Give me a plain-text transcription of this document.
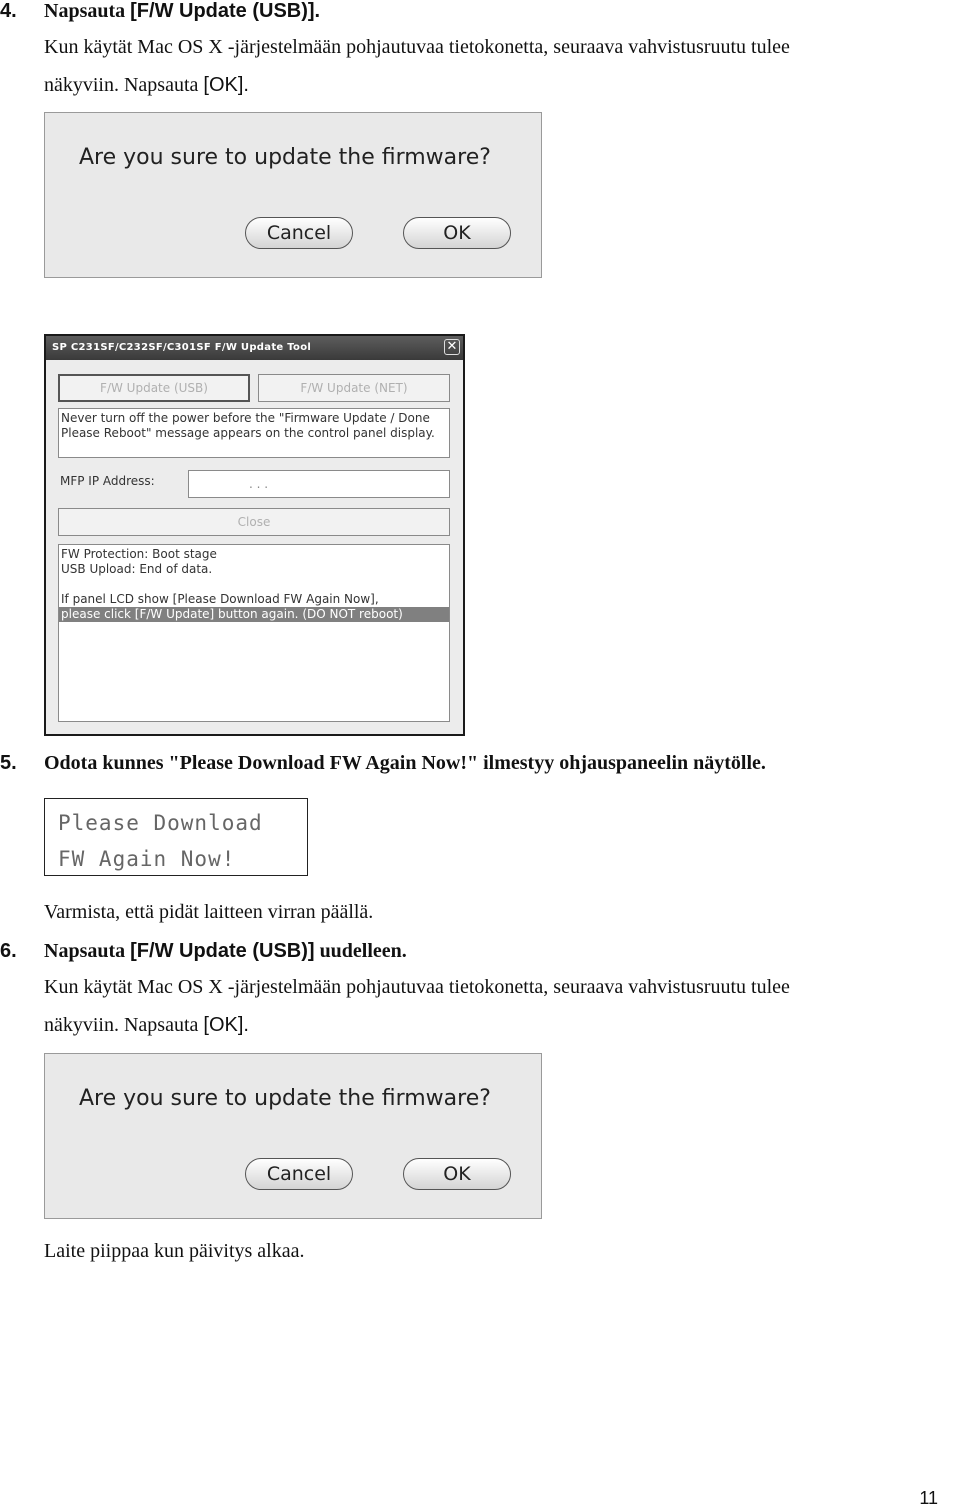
4. Napsauta [F/W Update (USB)].
Kun käytät Mac OS X -järjestelmään pohjautuvaa tietokonetta, seuraava vahvistusruutu tulee
näkyviin. Napsauta [OK].
Are you sure to update the firmware?
Cancel	OK
SP C231SF/C232SF/C301SF F/W Update Tool	✕
F/W Update (USB)	F/W Update (NET)
Never turn off the power before the "Firmware Update / Done
Please Reboot" message appears on the control panel display.
MFP IP Address:	. . .
Close
FW Protection: Boot stage
USB Upload: End of data.
If panel LCD show [Please Download FW Again Now],
please click [F/W Update] button again. (DO NOT reboot)
5. Odota kunnes "Please Download FW Again Now!" ilmestyy ohjauspaneelin näytölle.
Please Download
FW Again Now!
Varmista, että pidät laitteen virran päällä.
6. Napsauta [F/W Update (USB)] uudelleen.
Kun käytät Mac OS X -järjestelmään pohjautuvaa tietokonetta, seuraava vahvistusruutu tulee
näkyviin. Napsauta [OK].
Are you sure to update the firmware?
Cancel	OK
Laite piippaa kun päivitys alkaa.
11
